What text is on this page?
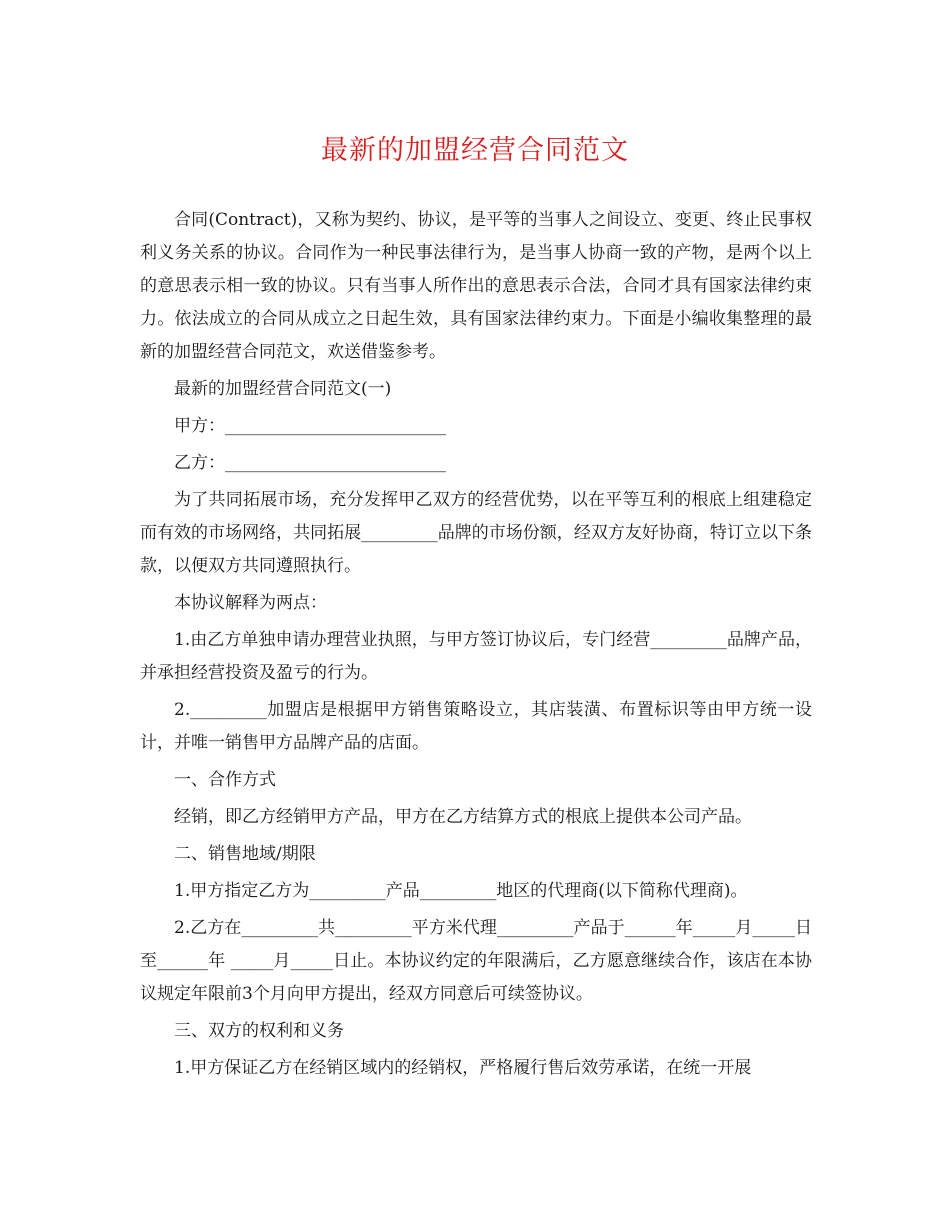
最新的加盟经营合同范文

合同(Contract)，又称为契约、协议，是平等的当事人之间设立、变更、终止民事权利义务关系的协议。合同作为一种民事法律行为，是当事人协商一致的产物，是两个以上的意思表示相一致的协议。只有当事人所作出的意思表示合法，合同才具有国家法律约束力。依法成立的合同从成立之日起生效，具有国家法律约束力。下面是小编收集整理的最新的加盟经营合同范文，欢送借鉴参考。

最新的加盟经营合同范文(一)

甲方：__________________________

乙方：__________________________

为了共同拓展市场，充分发挥甲乙双方的经营优势，以在平等互利的根底上组建稳定而有效的市场网络，共同拓展_________品牌的市场份额，经双方友好协商，特订立以下条款，以便双方共同遵照执行。

本协议解释为两点：

1.由乙方单独申请办理营业执照，与甲方签订协议后，专门经营_________品牌产品，并承担经营投资及盈亏的行为。

2._________加盟店是根据甲方销售策略设立，其店装潢、布置标识等由甲方统一设计，并唯一销售甲方品牌产品的店面。

一、合作方式

经销，即乙方经销甲方产品，甲方在乙方结算方式的根底上提供本公司产品。

二、销售地域/期限

1.甲方指定乙方为_________产品_________地区的代理商(以下简称代理商)。

2.乙方在_________共_________平方米代理_________产品于______年_____月_____日至______年 _____月_____日止。本协议约定的年限满后，乙方愿意继续合作，该店在本协议规定年限前3个月向甲方提出，经双方同意后可续签协议。

三、双方的权利和义务

1.甲方保证乙方在经销区域内的经销权，严格履行售后效劳承诺，在统一开展
